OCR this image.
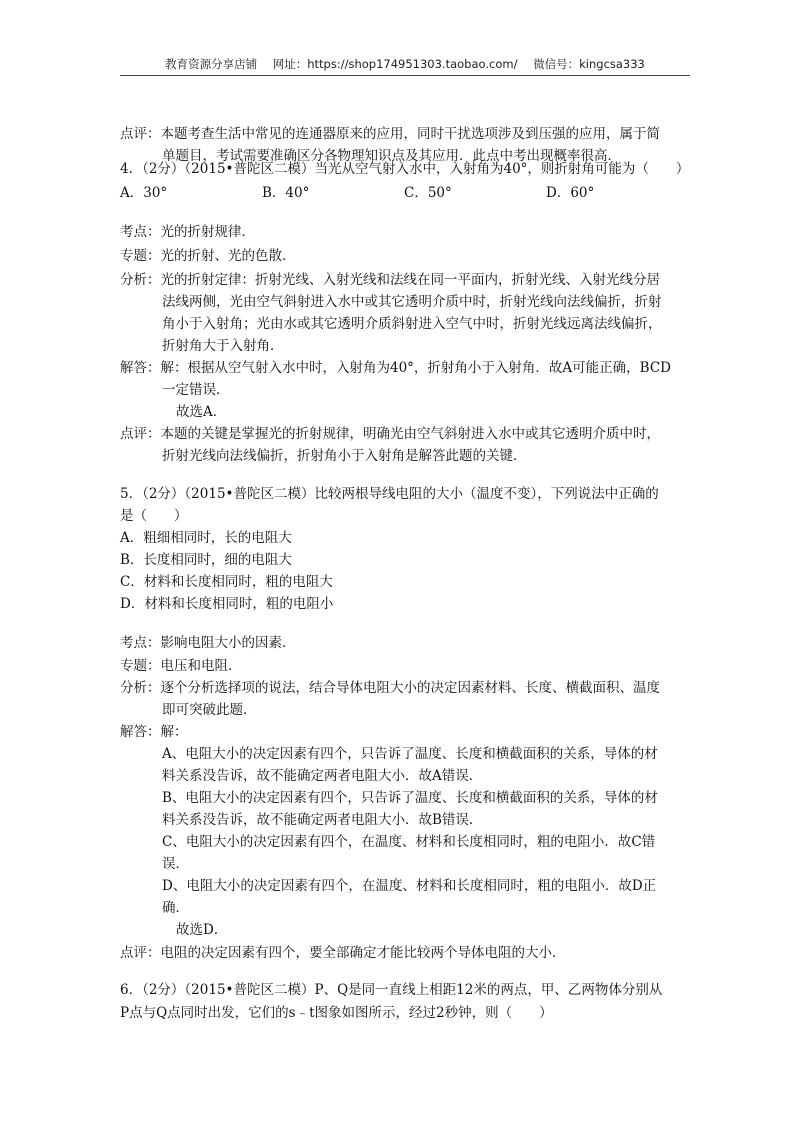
教育资源分享店铺 网址：https://shop174951303.taobao.com/ 微信号：kingcsa333
点评：本题考查生活中常见的连通器原来的应用，同时干扰选项涉及到压强的应用，属于简
单题目，考试需要准确区分各物理知识点及其应用．此点中考出现概率很高．
4．（2分）（2015•普陀区二模）当光从空气射入水中，入射角为40°，则折射角可能为（　　）
A．30°	B．40°	C．50°	D．60°
考点：光的折射规律．
专题：光的折射、光的色散．
分析：光的折射定律：折射光线、入射光线和法线在同一平面内，折射光线、入射光线分居
法线两侧，光由空气斜射进入水中或其它透明介质中时，折射光线向法线偏折，折射
角小于入射角；光由水或其它透明介质斜射进入空气中时，折射光线远离法线偏折，
折射角大于入射角．
解答：解：根据从空气射入水中时，入射角为40°，折射角小于入射角．故A可能正确，BCD
一定错误．
故选A．
点评：本题的关键是掌握光的折射规律，明确光由空气斜射进入水中或其它透明介质中时，
折射光线向法线偏折，折射角小于入射角是解答此题的关键．
5．（2分）（2015•普陀区二模）比较两根导线电阻的大小（温度不变），下列说法中正确的
是（　　）
A．粗细相同时，长的电阻大
B．长度相同时，细的电阻大
C．材料和长度相同时，粗的电阻大
D．材料和长度相同时，粗的电阻小
考点：影响电阻大小的因素．
专题：电压和电阻．
分析：逐个分析选择项的说法，结合导体电阻大小的决定因素材料、长度、横截面积、温度
即可突破此题．
解答：解：
A、电阻大小的决定因素有四个，只告诉了温度、长度和横截面积的关系，导体的材
料关系没告诉，故不能确定两者电阻大小．故A错误．
B、电阻大小的决定因素有四个，只告诉了温度、长度和横截面积的关系，导体的材
料关系没告诉，故不能确定两者电阻大小．故B错误．
C、电阻大小的决定因素有四个，在温度、材料和长度相同时，粗的电阻小．故C错
误．
D、电阻大小的决定因素有四个，在温度、材料和长度相同时，粗的电阻小．故D正
确．
故选D．
点评：电阻的决定因素有四个，要全部确定才能比较两个导体电阻的大小．
6．（2分）（2015•普陀区二模）P、Q是同一直线上相距12米的两点，甲、乙两物体分别从
P点与Q点同时出发，它们的s﹣t图象如图所示，经过2秒钟，则（　　）
